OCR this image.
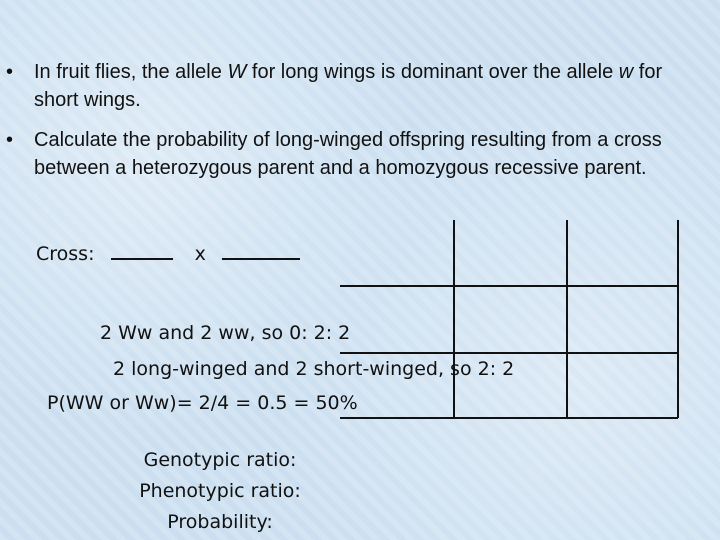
• In fruit flies, the allele W for long wings is dominant over the allele w for short wings.
• Calculate the probability of long-winged offspring resulting from a cross between a heterozygous parent and a homozygous recessive parent.
Cross:	x
2 Ww and 2 ww, so 0: 2: 2
2 long-winged and 2 short-winged, so 2: 2
P(WW or Ww)= 2/4 = 0.5 = 50%
Genotypic ratio:
Phenotypic ratio:
Probability:
